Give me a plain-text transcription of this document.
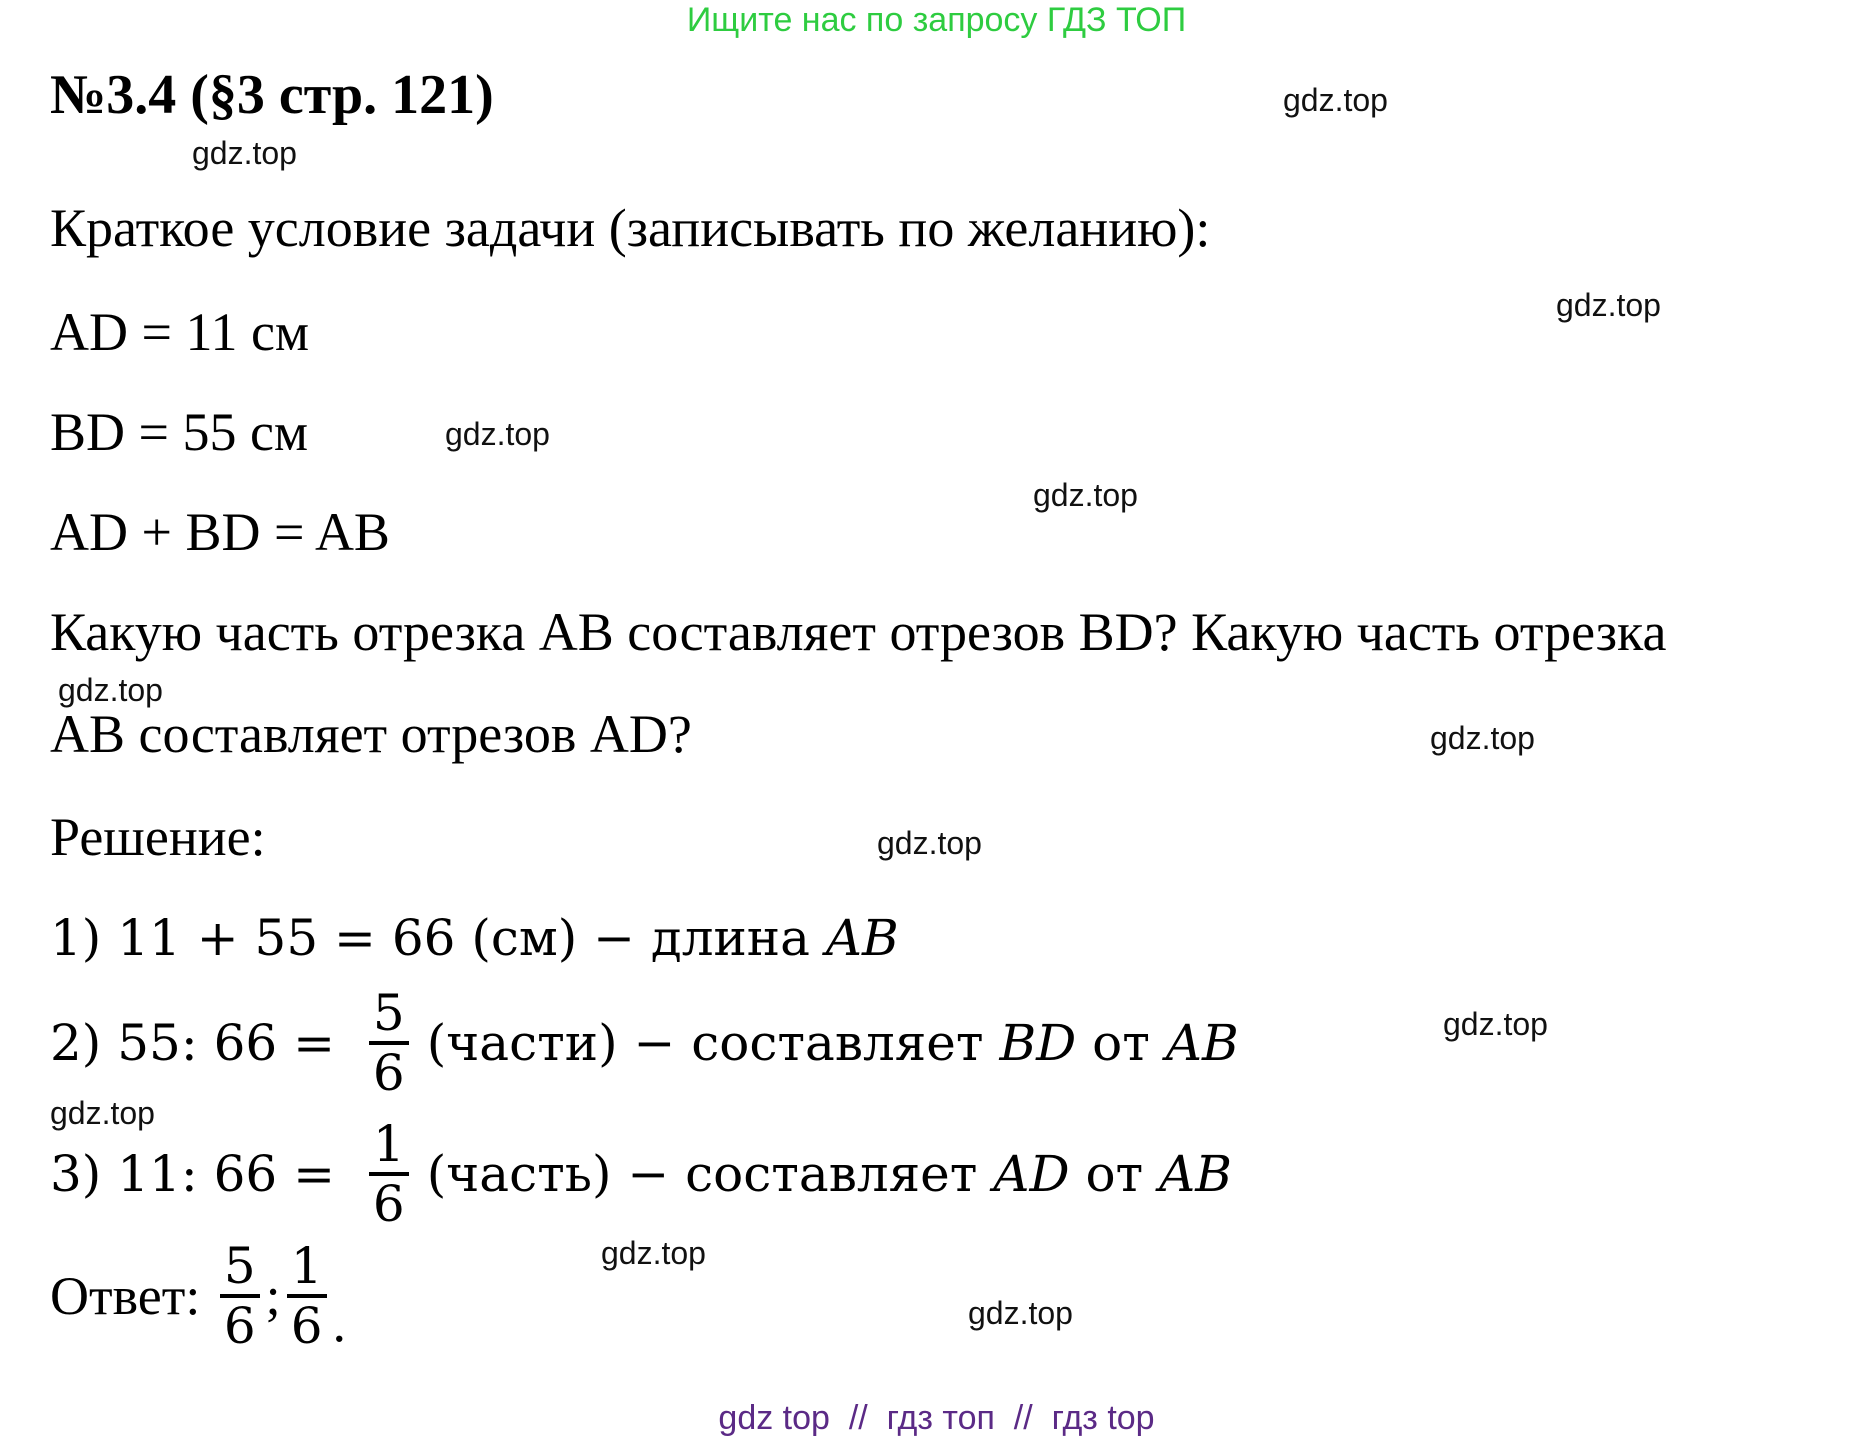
Ищите нас по запросу ГДЗ ТОП
№3.4 (§3 стр. 121)
Краткое условие задачи (записывать по желанию):
AD = 11 см
BD = 55 см
AD + BD = AB
Какую часть отрезка AB составляет отрезов BD? Какую часть отрезка
AB составляет отрезов AD?
Решение:
1) 11 + 55 = 66 (см) − длина AB
2) 55: $66 = \frac{5}{6}$ (части) − составляет BD от AB
3) 11: $66 = \frac{1}{6}$ (часть) − составляет AD от AB
Ответ: $\frac{5}{6}$ ; $\frac{1}{6}$ .
gdz.top
gdz.top
gdz.top
gdz.top
gdz.top
gdz.top
gdz.top
gdz.top
gdz.top
gdz.top
gdz.top
gdz.top
gdz top  //  гдз топ  //  гдз top
